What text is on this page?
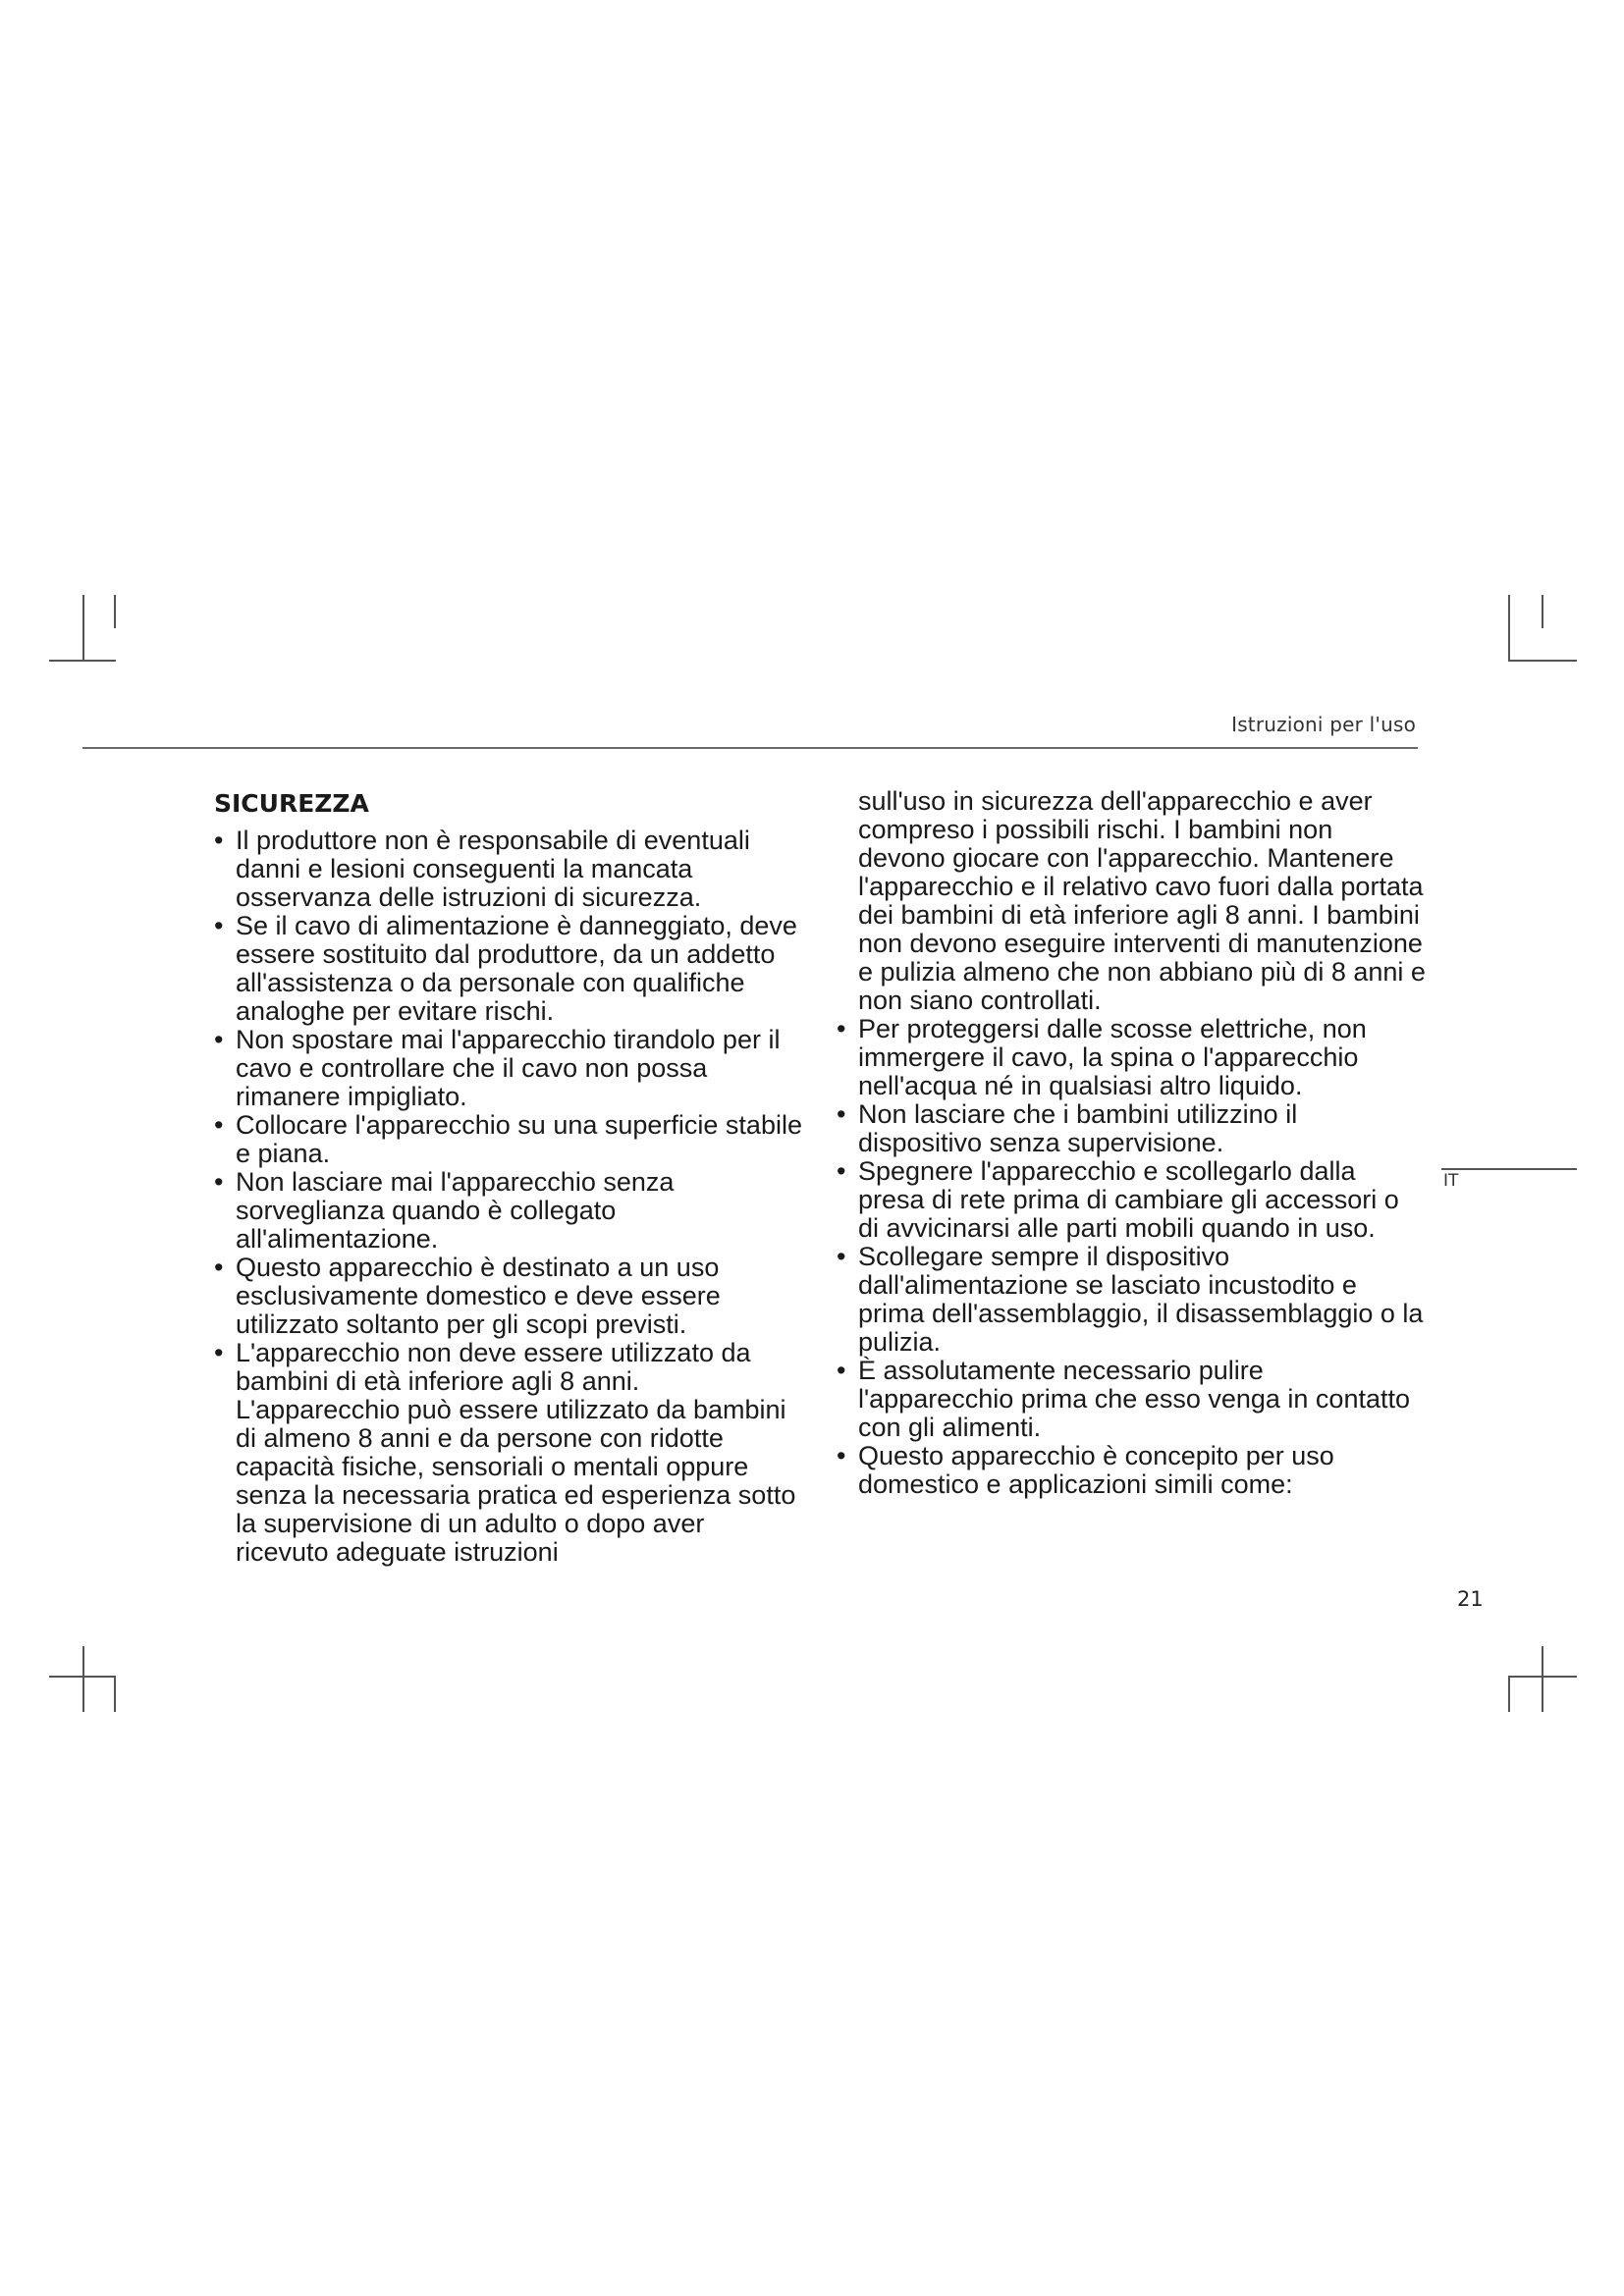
Istruzioni per l'uso
SICUREZZA
• Il produttore non è responsabile di eventuali danni e lesioni conseguenti la mancata osservanza delle istruzioni di sicurezza.
• Se il cavo di alimentazione è danneggiato, deve essere sostituito dal produttore, da un addetto all'assistenza o da personale con qualifiche analoghe per evitare rischi.
• Non spostare mai l'apparecchio tirandolo per il cavo e controllare che il cavo non possa rimanere impigliato.
• Collocare l'apparecchio su una superficie stabile e piana.
• Non lasciare mai l'apparecchio senza sorveglianza quando è collegato all'alimentazione.
• Questo apparecchio è destinato a un uso esclusivamente domestico e deve essere utilizzato soltanto per gli scopi previsti.
• L'apparecchio non deve essere utilizzato da bambini di età inferiore agli 8 anni. L'apparecchio può essere utilizzato da bambini di almeno 8 anni e da persone con ridotte capacità fisiche, sensoriali o mentali oppure senza la necessaria pratica ed esperienza sotto la supervisione di un adulto o dopo aver ricevuto adeguate istruzioni

sull'uso in sicurezza dell'apparecchio e aver compreso i possibili rischi. I bambini non devono giocare con l'apparecchio. Mantenere l'apparecchio e il relativo cavo fuori dalla portata dei bambini di età inferiore agli 8 anni. I bambini non devono eseguire interventi di manutenzione e pulizia almeno che non abbiano più di 8 anni e non siano controllati.

• Per proteggersi dalle scosse elettriche, non immergere il cavo, la spina o l'apparecchio nell'acqua né in qualsiasi altro liquido.
• Non lasciare che i bambini utilizzino il dispositivo senza supervisione.
• Spegnere l'apparecchio e scollegarlo dalla presa di rete prima di cambiare gli accessori o di avvicinarsi alle parti mobili quando in uso.
• Scollegare sempre il dispositivo dall'alimentazione se lasciato incustodito e prima dell'assemblaggio, il disassemblaggio o la pulizia.
• È assolutamente necessario pulire l'apparecchio prima che esso venga in contatto con gli alimenti.
• Questo apparecchio è concepito per uso domestico e applicazioni simili come:
IT
21
